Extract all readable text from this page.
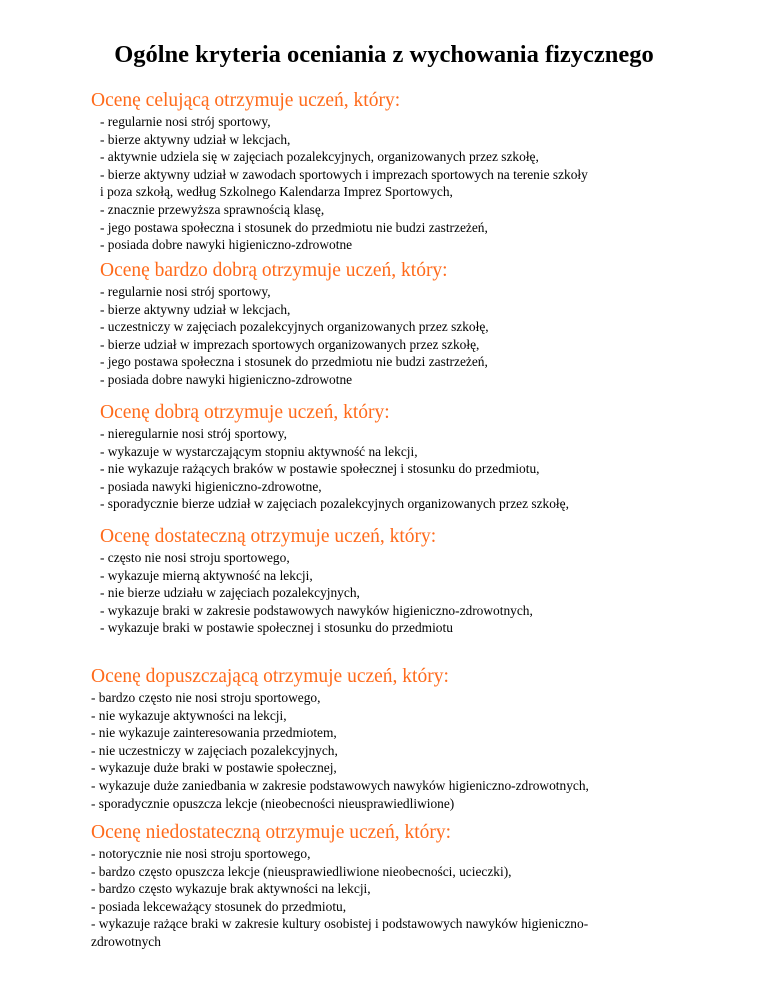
Ogólne kryteria oceniania z wychowania fizycznego
Ocenę celującą otrzymuje uczeń, który:
- regularnie nosi strój sportowy,
- bierze aktywny udział w lekcjach,
- aktywnie udziela się w zajęciach pozalekcyjnych, organizowanych przez szkołę,
- bierze aktywny udział w zawodach sportowych i imprezach sportowych na terenie szkoły
i poza szkołą, według Szkolnego Kalendarza Imprez Sportowych,
- znacznie przewyższa sprawnością klasę,
- jego postawa społeczna i stosunek do przedmiotu nie budzi zastrzeżeń,
- posiada dobre nawyki higieniczno-zdrowotne
Ocenę bardzo dobrą otrzymuje uczeń, który:
- regularnie nosi strój sportowy,
- bierze aktywny udział w lekcjach,
- uczestniczy w zajęciach pozalekcyjnych organizowanych przez szkołę,
- bierze udział w imprezach sportowych organizowanych przez szkołę,
- jego postawa społeczna i stosunek do przedmiotu nie budzi zastrzeżeń,
- posiada dobre nawyki higieniczno-zdrowotne
Ocenę dobrą otrzymuje uczeń, który:
- nieregularnie nosi strój sportowy,
- wykazuje w wystarczającym stopniu aktywność na lekcji,
- nie wykazuje rażących braków w postawie społecznej i stosunku do przedmiotu,
- posiada nawyki higieniczno-zdrowotne,
- sporadycznie bierze udział w zajęciach pozalekcyjnych organizowanych przez szkołę,
Ocenę dostateczną otrzymuje uczeń, który:
- często nie nosi stroju sportowego,
- wykazuje mierną aktywność na lekcji,
- nie bierze udziału w zajęciach pozalekcyjnych,
- wykazuje braki w zakresie podstawowych nawyków higieniczno-zdrowotnych,
- wykazuje braki w postawie społecznej i stosunku do przedmiotu
Ocenę dopuszczającą otrzymuje uczeń, który:
- bardzo często nie nosi stroju sportowego,
- nie wykazuje aktywności na lekcji,
- nie wykazuje zainteresowania przedmiotem,
- nie uczestniczy w zajęciach pozalekcyjnych,
- wykazuje duże braki w postawie społecznej,
- wykazuje duże zaniedbania w zakresie podstawowych nawyków higieniczno-zdrowotnych,
- sporadycznie opuszcza lekcje (nieobecności nieusprawiedliwione)
Ocenę niedostateczną otrzymuje uczeń, który:
- notorycznie nie nosi stroju sportowego,
- bardzo często opuszcza lekcje (nieusprawiedliwione nieobecności, ucieczki),
- bardzo często wykazuje brak aktywności na lekcji,
- posiada lekceważący stosunek do przedmiotu,
- wykazuje rażące braki w zakresie kultury osobistej i podstawowych nawyków higieniczno-
zdrowotnych
